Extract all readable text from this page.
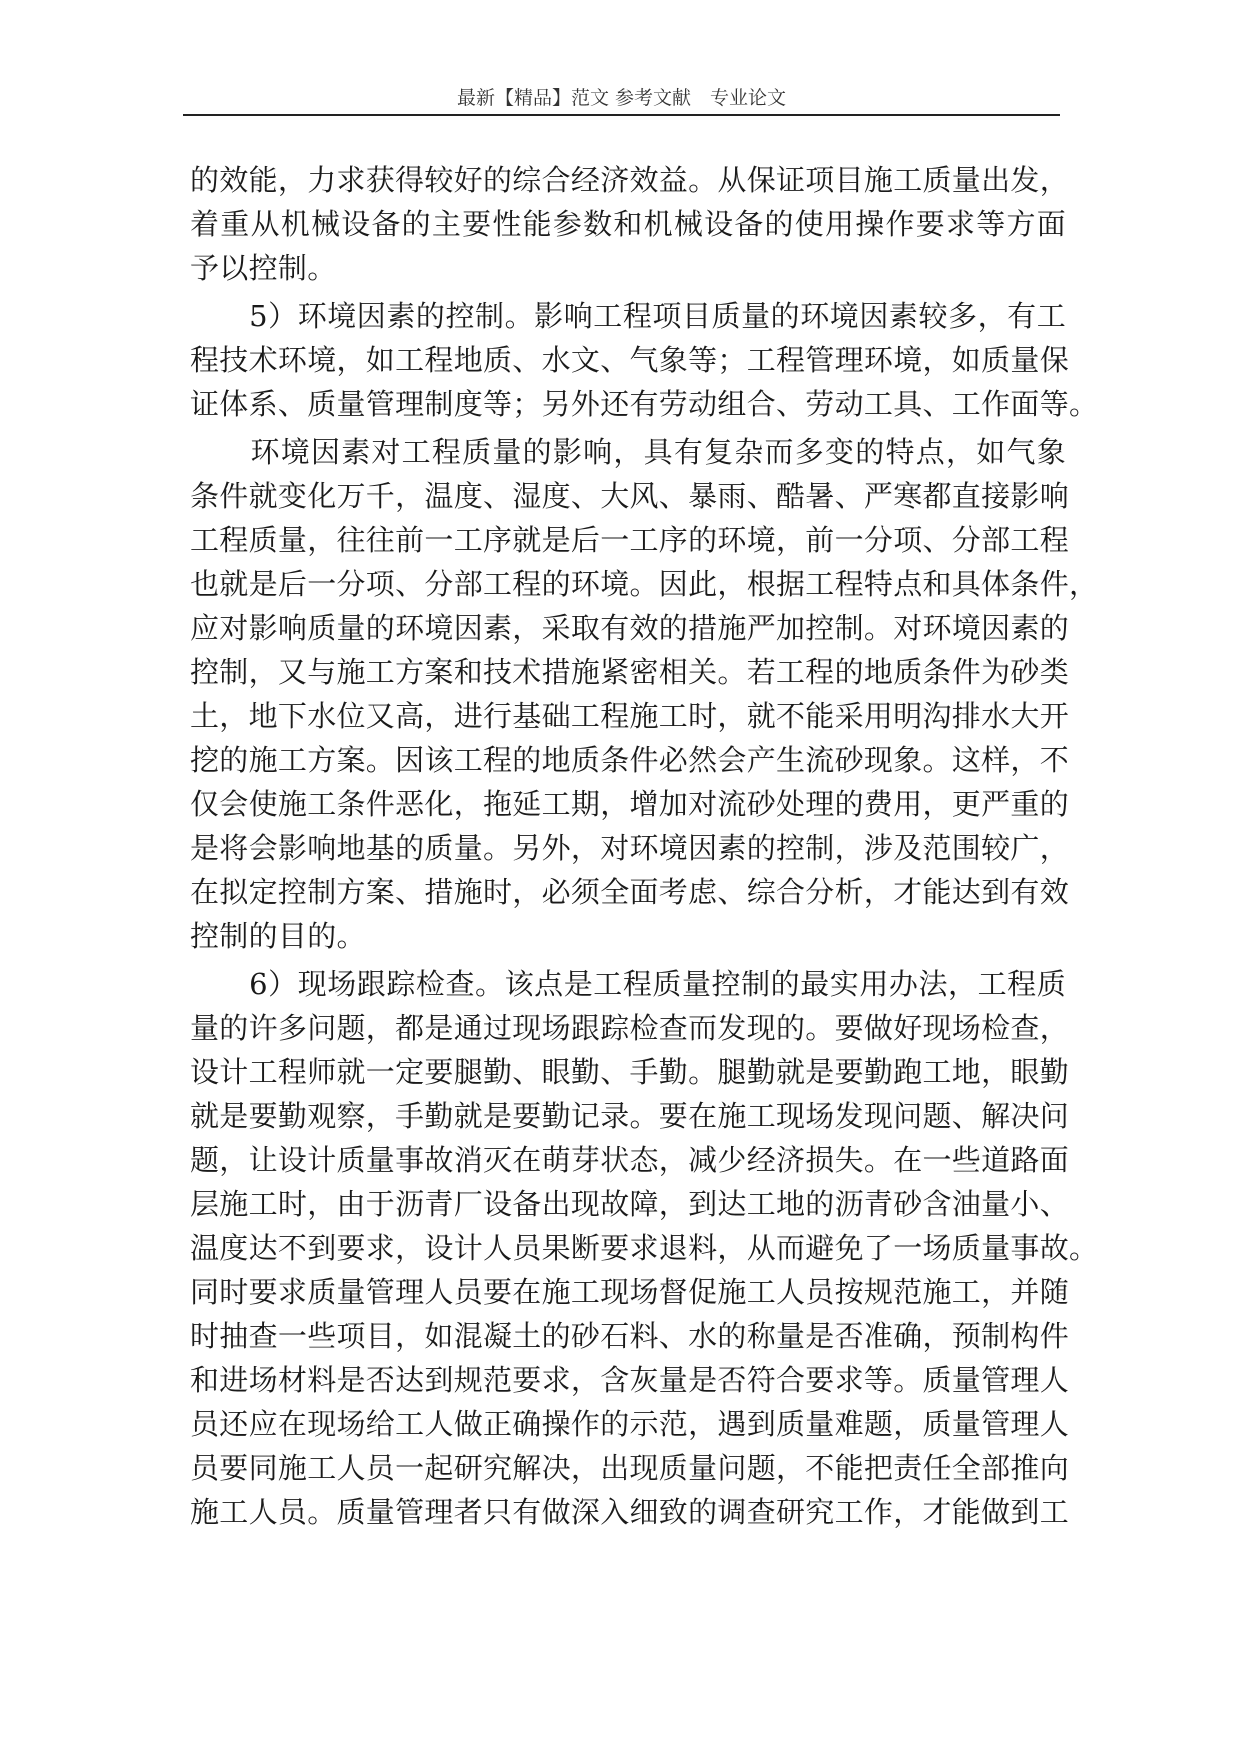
最新【精品】范文 参考文献　专业论文
的效能，力求获得较好的综合经济效益。从保证项目施工质量出发，
着重从机械设备的主要性能参数和机械设备的使用操作要求等方面
予以控制。
　　5）环境因素的控制。影响工程项目质量的环境因素较多，有工
程技术环境，如工程地质、水文、气象等；工程管理环境，如质量保
证体系、质量管理制度等；另外还有劳动组合、劳动工具、工作面等。
　　环境因素对工程质量的影响，具有复杂而多变的特点，如气象
条件就变化万千，温度、湿度、大风、暴雨、酷暑、严寒都直接影响
工程质量，往往前一工序就是后一工序的环境，前一分项、分部工程
也就是后一分项、分部工程的环境。因此，根据工程特点和具体条件，
应对影响质量的环境因素，采取有效的措施严加控制。对环境因素的
控制，又与施工方案和技术措施紧密相关。若工程的地质条件为砂类
土，地下水位又高，进行基础工程施工时，就不能采用明沟排水大开
挖的施工方案。因该工程的地质条件必然会产生流砂现象。这样，不
仅会使施工条件恶化，拖延工期，增加对流砂处理的费用，更严重的
是将会影响地基的质量。另外，对环境因素的控制，涉及范围较广，
在拟定控制方案、措施时，必须全面考虑、综合分析，才能达到有效
控制的目的。
　　6）现场跟踪检查。该点是工程质量控制的最实用办法，工程质
量的许多问题，都是通过现场跟踪检查而发现的。要做好现场检查，
设计工程师就一定要腿勤、眼勤、手勤。腿勤就是要勤跑工地，眼勤
就是要勤观察，手勤就是要勤记录。要在施工现场发现问题、解决问
题，让设计质量事故消灭在萌芽状态，减少经济损失。在一些道路面
层施工时，由于沥青厂设备出现故障，到达工地的沥青砂含油量小、
温度达不到要求，设计人员果断要求退料，从而避免了一场质量事故。
同时要求质量管理人员要在施工现场督促施工人员按规范施工，并随
时抽查一些项目，如混凝土的砂石料、水的称量是否准确，预制构件
和进场材料是否达到规范要求，含灰量是否符合要求等。质量管理人
员还应在现场给工人做正确操作的示范，遇到质量难题，质量管理人
员要同施工人员一起研究解决，出现质量问题，不能把责任全部推向
施工人员。质量管理者只有做深入细致的调查研究工作，才能做到工
